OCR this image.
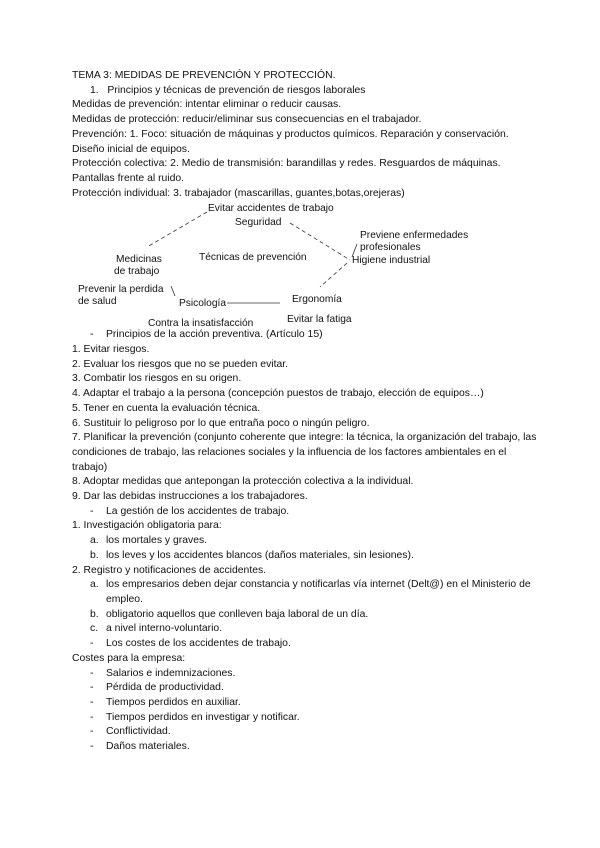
TEMA 3: MEDIDAS DE PREVENCIÓN Y PROTECCIÓN.
1.   Principios y técnicas de prevención de riesgos laborales
Medidas de prevención: intentar eliminar o reducir causas.
Medidas de protección: reducir/eliminar sus consecuencias en el trabajador.
Prevención: 1. Foco: situación de máquinas y productos químicos. Reparación y conservación. Diseño inicial de equipos.
Protección colectiva: 2. Medio de transmisión: barandillas y redes. Resguardos de máquinas. Pantallas frente al ruido.
Protección individual: 3. trabajador (mascarillas, guantes,botas,orejeras)
Evitar accidentes de trabajo
Seguridad
Previene enfermedades
profesionales
Higiene industrial
Técnicas de prevención
Medicinas
de trabajo
Prevenir la perdida
de salud	Psicología	Ergonomía
Contra la insatisfacción	Evitar la fatiga
- Principios de la acción preventiva. (Artículo 15)
1. Evitar riesgos.
2. Evaluar los riesgos que no se pueden evitar.
3. Combatir los riesgos en su origen.
4. Adaptar el trabajo a la persona (concepción puestos de trabajo, elección de equipos…)
5. Tener en cuenta la evaluación técnica.
6. Sustituir lo peligroso por lo que entraña poco o ningún peligro.
7. Planificar la prevención (conjunto coherente que integre: la técnica, la organización del trabajo, las condiciones de trabajo, las relaciones sociales y la influencia de los factores ambientales en el trabajo)
8. Adoptar medidas que antepongan la protección colectiva a la individual.
9. Dar las debidas instrucciones a los trabajadores.
- La gestión de los accidentes de trabajo.
1. Investigación obligatoria para:
a. los mortales y graves.
b. los leves y los accidentes blancos (daños materiales, sin lesiones).
2. Registro y notificaciones de accidentes.
a. los empresarios deben dejar constancia y notificarlas vía internet (Delt@) en el Ministerio de empleo.
b. obligatorio aquellos que conlleven baja laboral de un día.
c. a nivel interno-voluntario.
- Los costes de los accidentes de trabajo.
Costes para la empresa:
- Salarios e indemnizaciones.
- Pérdida de productividad.
- Tiempos perdidos en auxiliar.
- Tiempos perdidos en investigar y notificar.
- Conflictividad.
- Daños materiales.
